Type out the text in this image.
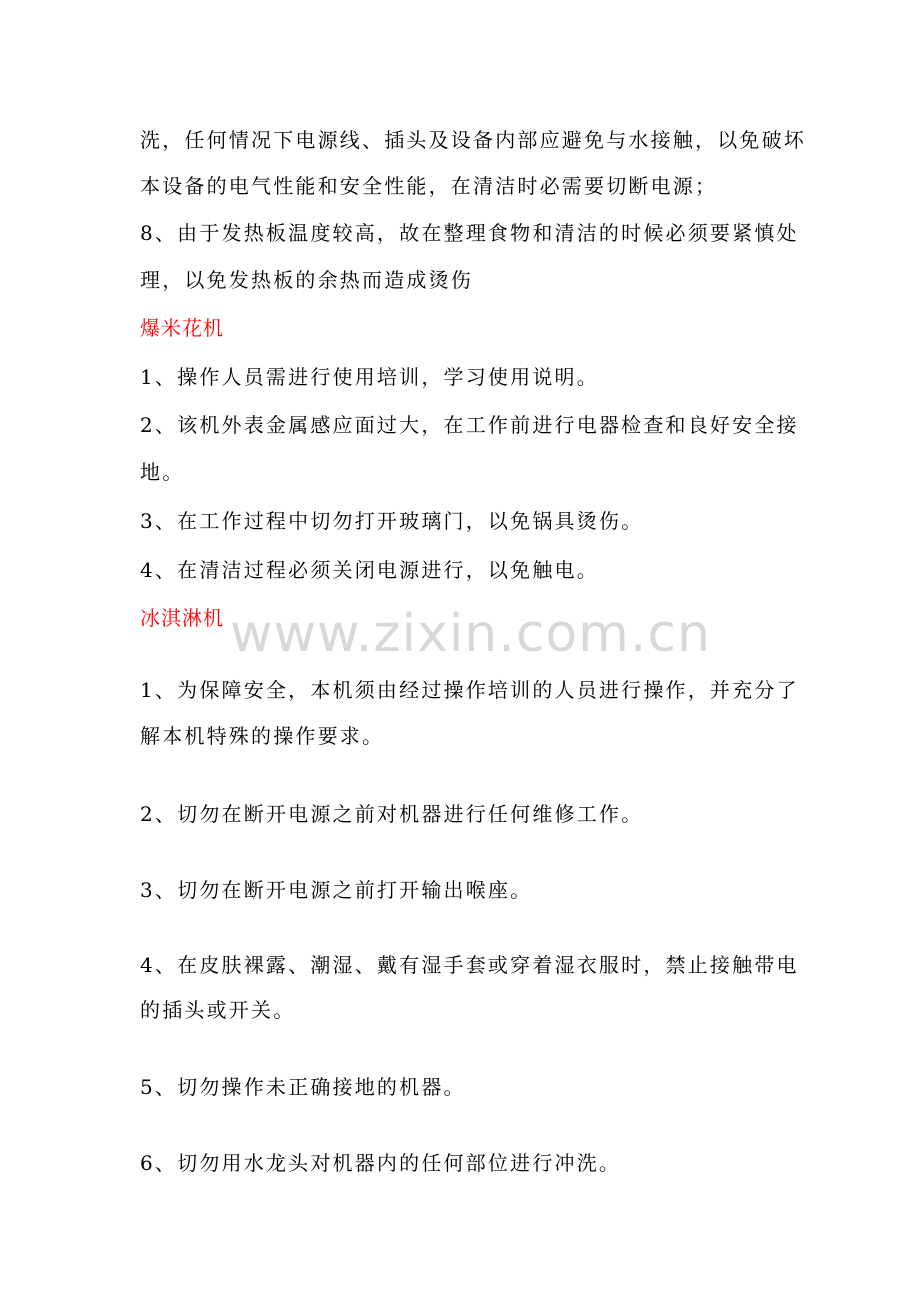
www.zixin.com.cn
洗，任何情况下电源线、插头及设备内部应避免与水接触，以免破坏
本设备的电气性能和安全性能，在清洁时必需要切断电源；
8、由于发热板温度较高，故在整理食物和清洁的时候必须要紧慎处
理，以免发热板的余热而造成烫伤
爆米花机
1、操作人员需进行使用培训，学习使用说明。
2、该机外表金属感应面过大，在工作前进行电器检查和良好安全接
地。
3、在工作过程中切勿打开玻璃门，以免锅具烫伤。
4、在清洁过程必须关闭电源进行，以免触电。
冰淇淋机
1、为保障安全，本机须由经过操作培训的人员进行操作，并充分了
解本机特殊的操作要求。
2、切勿在断开电源之前对机器进行任何维修工作。
3、切勿在断开电源之前打开输出喉座。
4、在皮肤裸露、潮湿、戴有湿手套或穿着湿衣服时，禁止接触带电
的插头或开关。
5、切勿操作未正确接地的机器。
6、切勿用水龙头对机器内的任何部位进行冲洗。
